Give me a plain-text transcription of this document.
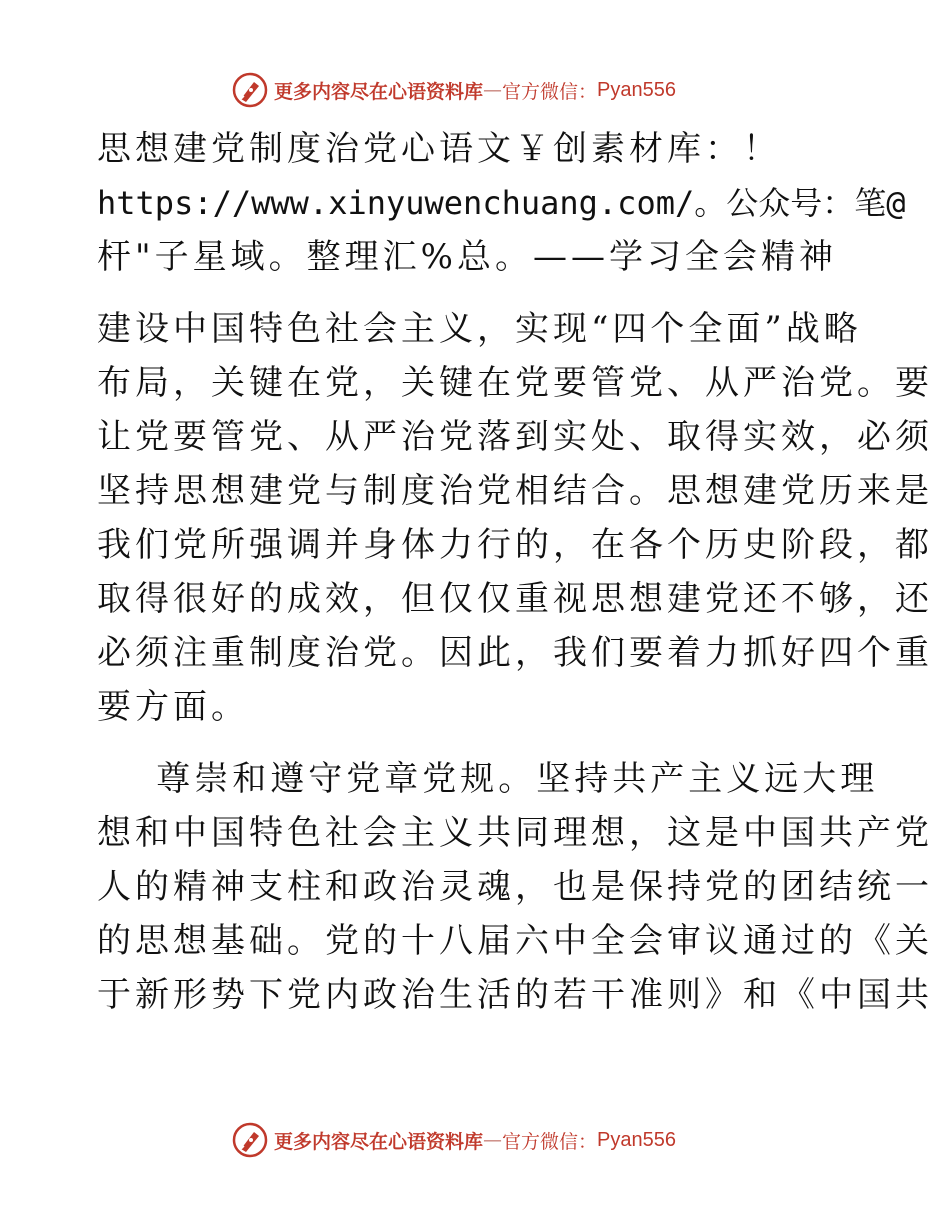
更多内容尽在心语资料库 — 官方微信： Pyan556
思想建党制度治党心语文￥创素材库：！
https://www.xinyuwenchuang.com/。公众号：笔@
杆"子星域。整理汇%总。——学习全会精神
建设中国特色社会主义，实现“四个全面”战略
布局，关键在党，关键在党要管党、从严治党。要
让党要管党、从严治党落到实处、取得实效，必须
坚持思想建党与制度治党相结合。思想建党历来是
我们党所强调并身体力行的，在各个历史阶段，都
取得很好的成效，但仅仅重视思想建党还不够，还
必须注重制度治党。因此，我们要着力抓好四个重
要方面。
尊崇和遵守党章党规。坚持共产主义远大理
想和中国特色社会主义共同理想，这是中国共产党
人的精神支柱和政治灵魂，也是保持党的团结统一
的思想基础。党的十八届六中全会审议通过的《关
于新形势下党内政治生活的若干准则》和《中国共
更多内容尽在心语资料库 — 官方微信： Pyan556
